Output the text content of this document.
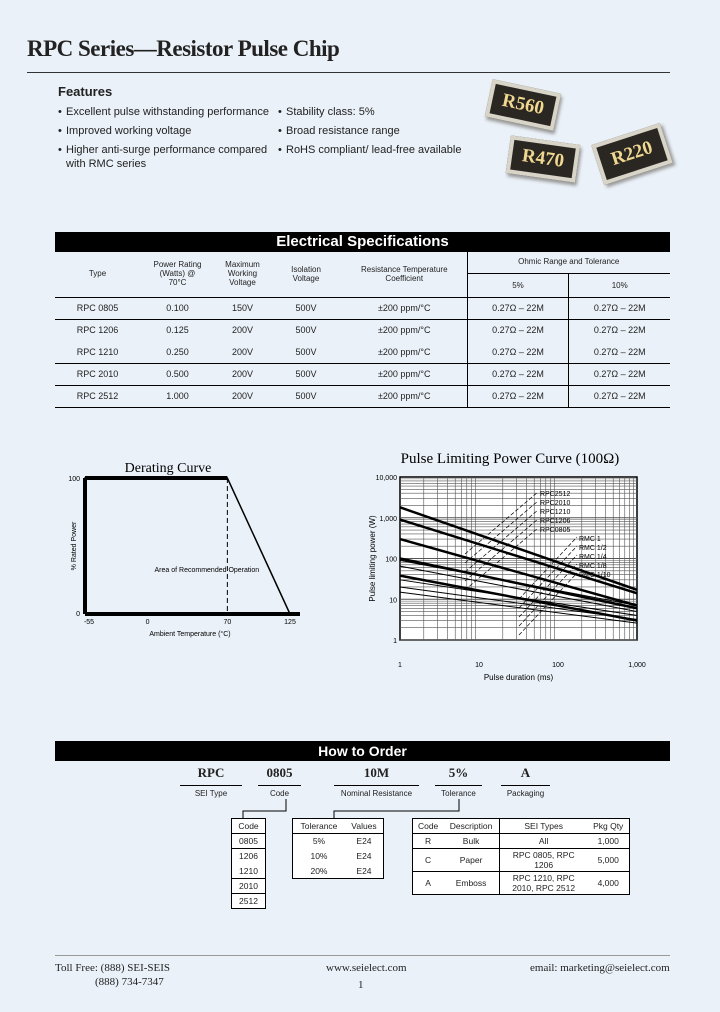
RPC Series—Resistor Pulse Chip
Features
• Excellent pulse withstanding performance
• Improved working voltage
• Higher anti-surge performance compared with RMC series
• Stability class: 5%
• Broad resistance range
• RoHS compliant/ lead-free available
R560
R470	R220
Electrical Specifications
Type	Power Rating (Watts) @ 70°C	Maximum Working Voltage	Isolation Voltage	Resistance Temperature Coefficient	Ohmic Range and Tolerance	
					5%	10%
RPC 0805	0.100	150V	500V	±200 ppm/°C	0.27Ω – 22M	0.27Ω – 22M
RPC 1206	0.125	200V	500V	±200 ppm/°C	0.27Ω – 22M	0.27Ω – 22M
RPC 1210	0.250	200V	500V	±200 ppm/°C	0.27Ω – 22M	0.27Ω – 22M
RPC 2010	0.500	200V	500V	±200 ppm/°C	0.27Ω – 22M	0.27Ω – 22M
RPC 2512	1.000	200V	500V	±200 ppm/°C	0.27Ω – 22M	0.27Ω – 22M
Derating Curve
Area of Recommended Operation
-55	0	70	125
0
100
Ambient Temperature (°C)
% Rated Power
Pulse Limiting Power Curve (100Ω)
RPC2512
RPC2010
RPC1210
RPC1206
RPC0805
RMC 1
RMC 1/2
RMC 1/4
RMC 1/8
RMC 1/10
1	10	100	1,000
1
10
100
1,000
10,000
Pulse duration (ms)
Pulse limiting power (W)
How to Order
RPC
SEI Type
0805
Code
10M
Nominal Resistance
5%
Tolerance
A
Packaging
Code
0805
1206
1210
2010
2512
Tolerance	Values
5%	E24
10%	E24
20%	E24
Code	Description	SEI Types	Pkg Qty
R	Bulk	All	1,000
C	Paper	RPC 0805, RPC 1206	5,000
A	Emboss	RPC 1210, RPC 2010, RPC 2512	4,000
Toll Free: (888) SEI-SEIS
(888) 734-7347
www.seielect.com	email: marketing@seielect.com
1
